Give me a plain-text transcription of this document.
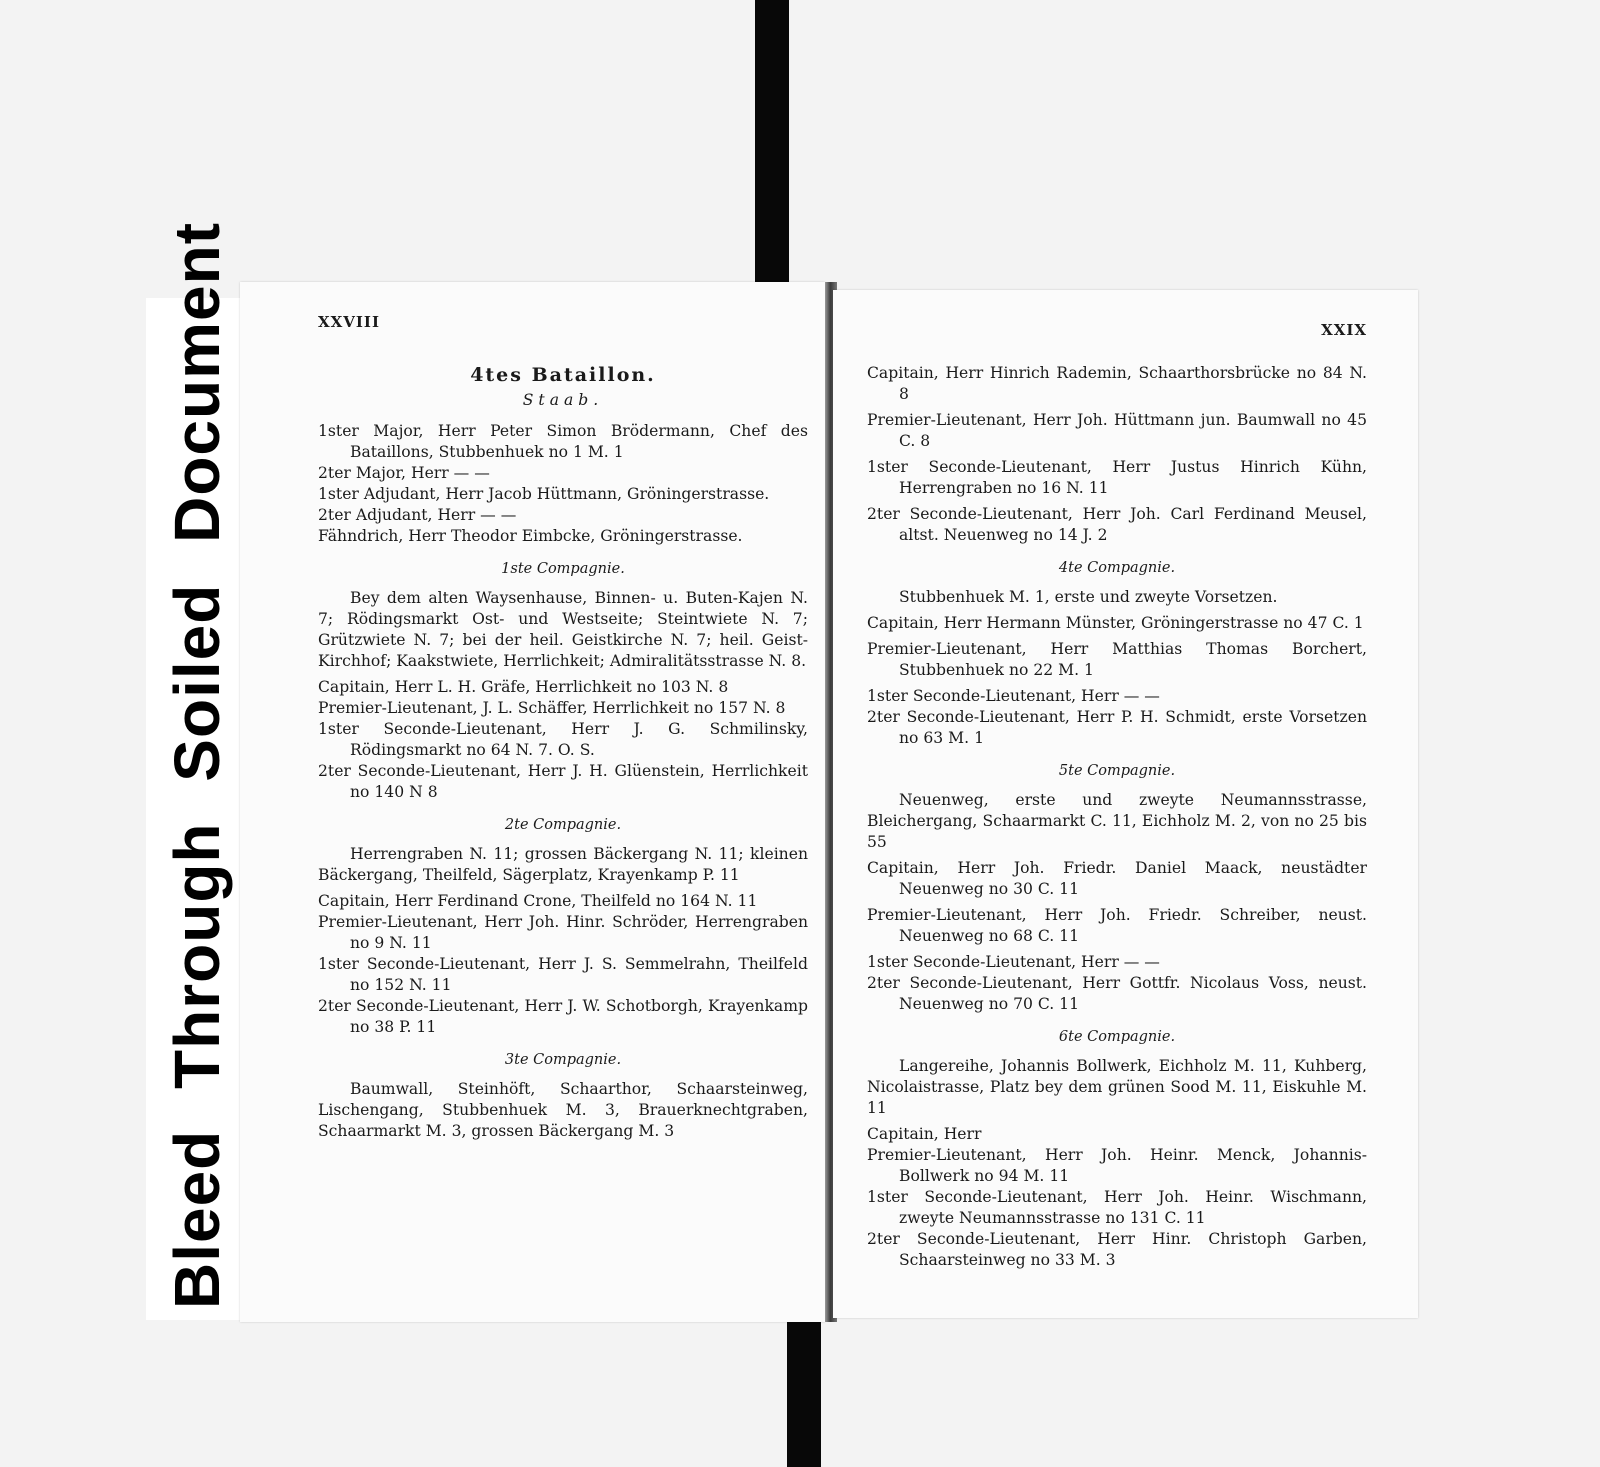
Bleed Through Soiled Document	XXVIII
4tes Bataillon.
Staab.
1ster Major, Herr Peter Simon Brödermann, Chef des Bataillons, Stubbenhuek no 1 M. 1
2ter Major, Herr — —
1ster Adjudant, Herr Jacob Hüttmann, Gröningerstrasse.
2ter Adjudant, Herr — —
Fähndrich, Herr Theodor Eimbcke, Gröningerstrasse.
1ste Compagnie.
Bey dem alten Waysenhause, Binnen- u. Buten-Kajen N. 7; Rödingsmarkt Ost- und Westseite; Steintwiete N. 7; Grützwiete N. 7; bei der heil. Geistkirche N. 7; heil. Geist-Kirchhof; Kaakstwiete, Herrlichkeit; Admiralitätsstrasse N. 8.
Capitain, Herr L. H. Gräfe, Herrlichkeit no 103 N. 8
Premier-Lieutenant, J. L. Schäffer, Herrlichkeit no 157 N. 8
1ster Seconde-Lieutenant, Herr J. G. Schmilinsky, Rödingsmarkt no 64 N. 7. O. S.
2ter Seconde-Lieutenant, Herr J. H. Glüenstein, Herrlichkeit no 140 N 8
2te Compagnie.
Herrengraben N. 11; grossen Bäckergang N. 11; kleinen Bäckergang, Theilfeld, Sägerplatz, Krayenkamp P. 11
Capitain, Herr Ferdinand Crone, Theilfeld no 164 N. 11
Premier-Lieutenant, Herr Joh. Hinr. Schröder, Herrengraben no 9 N. 11
1ster Seconde-Lieutenant, Herr J. S. Semmelrahn, Theilfeld no 152 N. 11
2ter Seconde-Lieutenant, Herr J. W. Schotborgh, Krayenkamp no 38 P. 11
3te Compagnie.
Baumwall, Steinhöft, Schaarthor, Schaarsteinweg, Lischengang, Stubbenhuek M. 3, Brauerknechtgraben, Schaarmarkt M. 3, grossen Bäckergang M. 3
XXIX
Capitain, Herr Hinrich Rademin, Schaarthorsbrücke no 84 N. 8
Premier-Lieutenant, Herr Joh. Hüttmann jun. Baumwall no 45 C. 8
1ster Seconde-Lieutenant, Herr Justus Hinrich Kühn, Herrengraben no 16 N. 11
2ter Seconde-Lieutenant, Herr Joh. Carl Ferdinand Meusel, altst. Neuenweg no 14 J. 2
4te Compagnie.
Stubbenhuek M. 1, erste und zweyte Vorsetzen.
Capitain, Herr Hermann Münster, Gröningerstrasse no 47 C. 1
Premier-Lieutenant, Herr Matthias Thomas Borchert, Stubbenhuek no 22 M. 1
1ster Seconde-Lieutenant, Herr — —
2ter Seconde-Lieutenant, Herr P. H. Schmidt, erste Vorsetzen no 63 M. 1
5te Compagnie.
Neuenweg, erste und zweyte Neumannsstrasse, Bleichergang, Schaarmarkt C. 11, Eichholz M. 2, von no 25 bis 55
Capitain, Herr Joh. Friedr. Daniel Maack, neustädter Neuenweg no 30 C. 11
Premier-Lieutenant, Herr Joh. Friedr. Schreiber, neust. Neuenweg no 68 C. 11
1ster Seconde-Lieutenant, Herr — —
2ter Seconde-Lieutenant, Herr Gottfr. Nicolaus Voss, neust. Neuenweg no 70 C. 11
6te Compagnie.
Langereihe, Johannis Bollwerk, Eichholz M. 11, Kuhberg, Nicolaistrasse, Platz bey dem grünen Sood M. 11, Eiskuhle M. 11
Capitain, Herr
Premier-Lieutenant, Herr Joh. Heinr. Menck, Johannis-Bollwerk no 94 M. 11
1ster Seconde-Lieutenant, Herr Joh. Heinr. Wischmann, zweyte Neumannsstrasse no 131 C. 11
2ter Seconde-Lieutenant, Herr Hinr. Christoph Garben, Schaarsteinweg no 33 M. 3
